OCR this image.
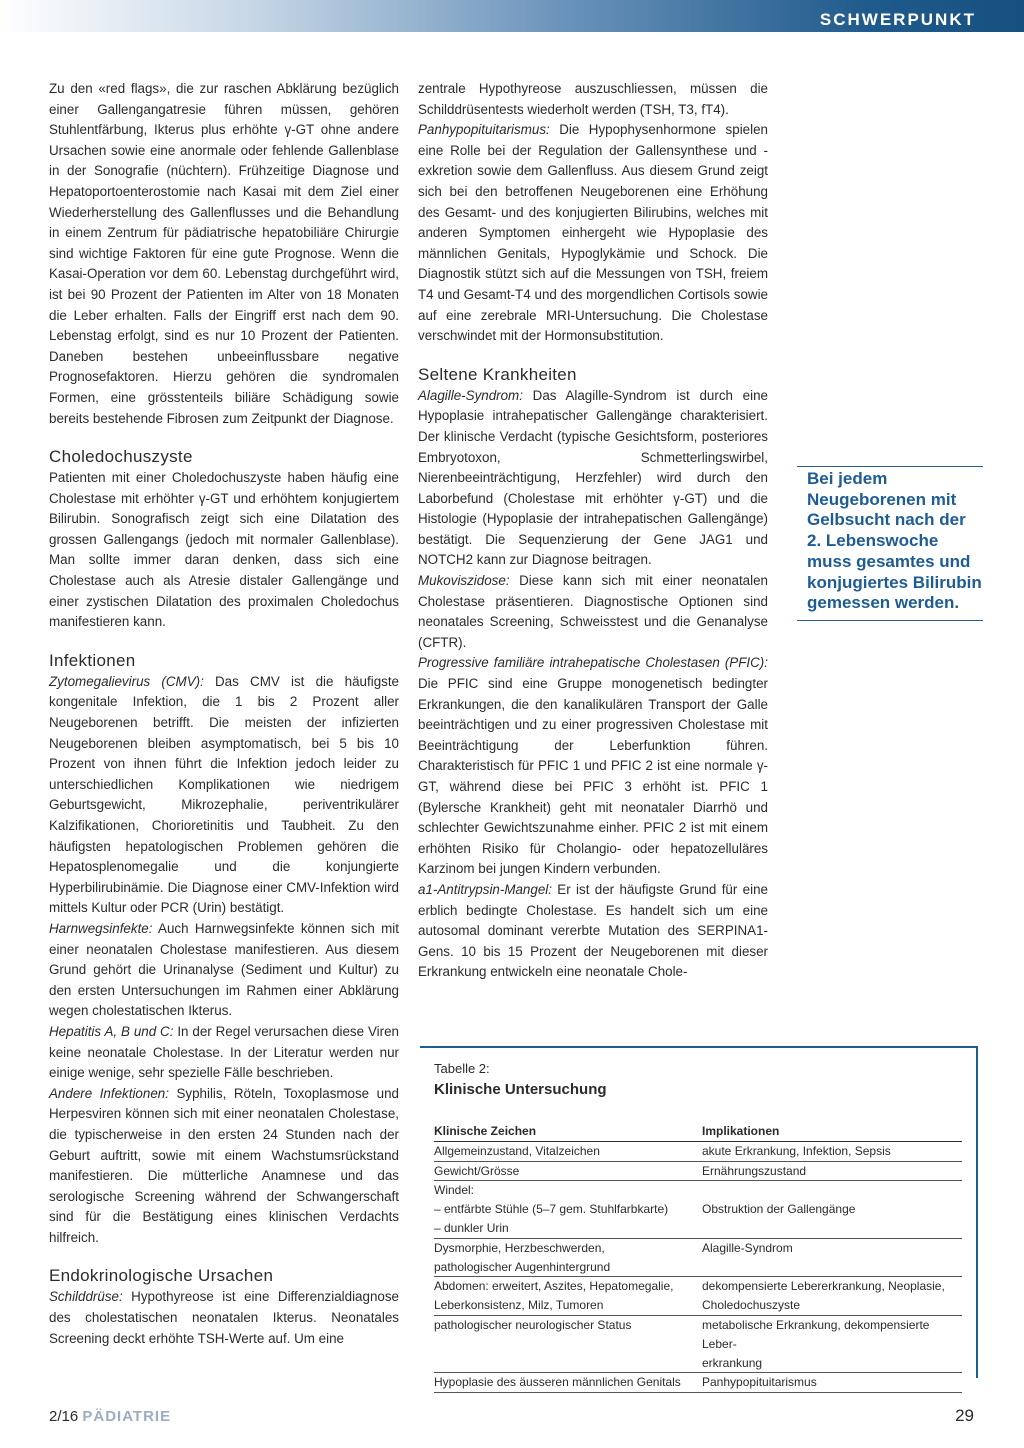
SCHWERPUNKT

Zu den «red flags», die zur raschen Abklärung bezüglich einer Gallengangatresie führen müssen, gehören Stuhlentfärbung, Ikterus plus erhöhte γ-GT ohne andere Ursachen sowie eine anormale oder fehlende Gallenblase in der Sonografie (nüchtern). Frühzeitige Diagnose und Hepatoportoenterostomie nach Kasai mit dem Ziel einer Wiederherstellung des Gallenflusses und die Behandlung in einem Zentrum für pädiatrische hepatobiliäre Chirurgie sind wichtige Faktoren für eine gute Prognose. Wenn die Kasai-Operation vor dem 60. Lebenstag durchgeführt wird, ist bei 90 Prozent der Patienten im Alter von 18 Monaten die Leber erhalten. Falls der Eingriff erst nach dem 90. Lebenstag erfolgt, sind es nur 10 Prozent der Patienten. Daneben bestehen unbeeinflussbare negative Prognosefaktoren. Hierzu gehören die syndromalen Formen, eine grösstenteils biliäre Schädigung sowie bereits bestehende Fibrosen zum Zeitpunkt der Diagnose.

Choledochuszyste

Patienten mit einer Choledochuszyste haben häufig eine Cholestase mit erhöhter γ-GT und erhöhtem konjugiertem Bilirubin. Sonografisch zeigt sich eine Dilatation des grossen Gallengangs (jedoch mit normaler Gallenblase). Man sollte immer daran denken, dass sich eine Cholestase auch als Atresie distaler Gallengänge und einer zystischen Dilatation des proximalen Choledochus manifestieren kann.

Infektionen

Zytomegalievirus (CMV): Das CMV ist die häufigste kongenitale Infektion, die 1 bis 2 Prozent aller Neugeborenen betrifft. Die meisten der infizierten Neugeborenen bleiben asymptomatisch, bei 5 bis 10 Prozent von ihnen führt die Infektion jedoch leider zu unterschiedlichen Komplikationen wie niedrigem Geburtsgewicht, Mikrozephalie, periventrikulärer Kalzifikationen, Chorioretinitis und Taubheit. Zu den häufigsten hepatologischen Problemen gehören die Hepatosplenomegalie und die konjungierte Hyperbilirubinämie. Die Diagnose einer CMV-Infektion wird mittels Kultur oder PCR (Urin) bestätigt.

Harnwegsinfekte: Auch Harnwegsinfekte können sich mit einer neonatalen Cholestase manifestieren. Aus diesem Grund gehört die Urinanalyse (Sediment und Kultur) zu den ersten Untersuchungen im Rahmen einer Abklärung wegen cholestatischen Ikterus.

Hepatitis A, B und C: In der Regel verursachen diese Viren keine neonatale Cholestase. In der Literatur werden nur einige wenige, sehr spezielle Fälle beschrieben.

Andere Infektionen: Syphilis, Röteln, Toxoplasmose und Herpesviren können sich mit einer neonatalen Cholestase, die typischerweise in den ersten 24 Stunden nach der Geburt auftritt, sowie mit einem Wachstumsrückstand manifestieren. Die mütterliche Anamnese und das serologische Screening während der Schwangerschaft sind für die Bestätigung eines klinischen Verdachts hilfreich.

Endokrinologische Ursachen

Schilddrüse: Hypothyreose ist eine Differenzialdiagnose des cholestatischen neonatalen Ikterus. Neonatales Screening deckt erhöhte TSH-Werte auf. Um eine

zentrale Hypothyreose auszuschliessen, müssen die Schilddrüsentests wiederholt werden (TSH, T3, fT4).

Panhypopituitarismus: Die Hypophysenhormone spielen eine Rolle bei der Regulation der Gallensynthese und -exkretion sowie dem Gallenfluss. Aus diesem Grund zeigt sich bei den betroffenen Neugeborenen eine Erhöhung des Gesamt- und des konjugierten Bilirubins, welches mit anderen Symptomen einhergeht wie Hypoplasie des männlichen Genitals, Hypoglykämie und Schock. Die Diagnostik stützt sich auf die Messungen von TSH, freiem T4 und Gesamt-T4 und des morgendlichen Cortisols sowie auf eine zerebrale MRI-Untersuchung. Die Cholestase verschwindet mit der Hormonsubstitution.

Seltene Krankheiten

Alagille-Syndrom: Das Alagille-Syndrom ist durch eine Hypoplasie intrahepatischer Gallengänge charakterisiert. Der klinische Verdacht (typische Gesichtsform, posteriores Embryotoxon, Schmetterlingswirbel, Nierenbeeinträchtigung, Herzfehler) wird durch den Laborbefund (Cholestase mit erhöhter γ-GT) und die Histologie (Hypoplasie der intrahepatischen Gallengänge) bestätigt. Die Sequenzierung der Gene JAG1 und NOTCH2 kann zur Diagnose beitragen.

Mukoviszidose: Diese kann sich mit einer neonatalen Cholestase präsentieren. Diagnostische Optionen sind neonatales Screening, Schweisstest und die Genanalyse (CFTR).

Progressive familiäre intrahepatische Cholestasen (PFIC): Die PFIC sind eine Gruppe monogenetisch bedingter Erkrankungen, die den kanalikulären Transport der Galle beeinträchtigen und zu einer progressiven Cholestase mit Beeinträchtigung der Leberfunktion führen. Charakteristisch für PFIC 1 und PFIC 2 ist eine normale γ-GT, während diese bei PFIC 3 erhöht ist. PFIC 1 (Bylersche Krankheit) geht mit neonataler Diarrhö und schlechter Gewichtszunahme einher. PFIC 2 ist mit einem erhöhten Risiko für Cholangio- oder hepatozelluläres Karzinom bei jungen Kindern verbunden.

a1-Antitrypsin-Mangel: Er ist der häufigste Grund für eine erblich bedingte Cholestase. Es handelt sich um eine autosomal dominant vererbte Mutation des SERPINA1-Gens. 10 bis 15 Prozent der Neugeborenen mit dieser Erkrankung entwickeln eine neonatale Chole-

Bei jedem Neugeborenen mit Gelbsucht nach der 2. Lebenswoche muss gesamtes und konjugiertes Bilirubin gemessen werden.
Tabelle 2:
Klinische Untersuchung
Klinische Zeichen	Implikationen
Allgemeinzustand, Vitalzeichen	akute Erkrankung, Infektion, Sepsis
Gewicht/Grösse	Ernährungszustand
Windel:	
– entfärbte Stühle (5–7 gem. Stuhlfarbkarte)	Obstruktion der Gallengänge
– dunkler Urin	
Dysmorphie, Herzbeschwerden,	Alagille-Syndrom
pathologischer Augenhintergrund	
Abdomen: erweitert, Aszites, Hepatomegalie,	dekompensierte Lebererkrankung, Neoplasie,
Leberkonsistenz, Milz, Tumoren	Choledochuszyste
pathologischer neurologischer Status	metabolische Erkrankung, dekompensierte Leber-
	erkrankung
Hypoplasie des äusseren männlichen Genitals	Panhypopituitarismus
2/16 PÄDIATRIE	29
